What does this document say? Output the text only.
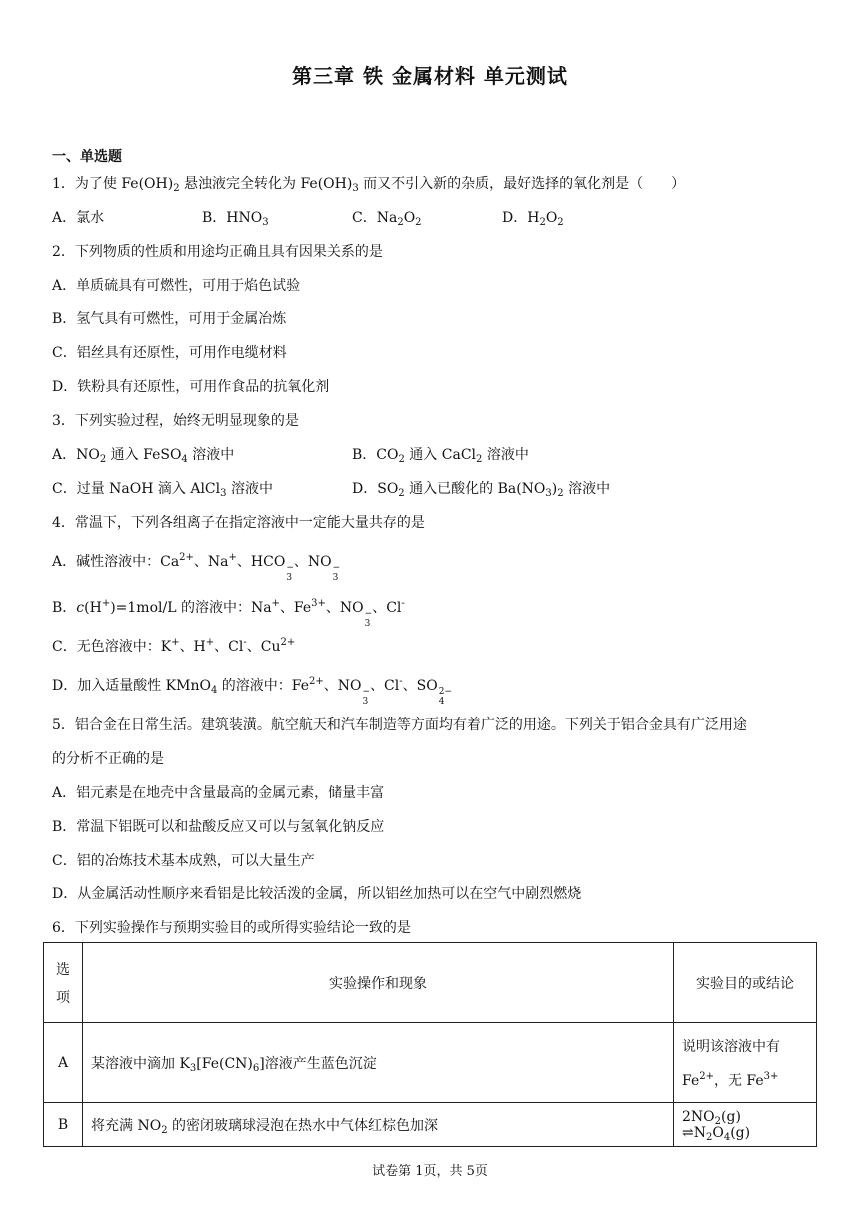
第三章 铁 金属材料 单元测试
一、单选题
1．为了使 $Fe(OH)_2$ 悬浊液完全转化为 $Fe(OH)_3$ 而又不引入新的杂质，最好选择的氧化剂是（　　）
A．氯水	B．$HNO_3$	C．$Na_2O_2$	D．$H_2O_2$
2．下列物质的性质和用途均正确且具有因果关系的是
A．单质硫具有可燃性，可用于焰色试验
B．氢气具有可燃性，可用于金属冶炼
C．铝丝具有还原性，可用作电缆材料
D．铁粉具有还原性，可用作食品的抗氧化剂
3．下列实验过程，始终无明显现象的是
A．$NO_2$ 通入 FeSO$_4$ 溶液中	B．$CO_2$ 通入 CaCl$_2$ 溶液中
C．过量 NaOH 滴入 AlCl$_3$ 溶液中	D．$SO_2$ 通入已酸化的 $Ba(NO_3)_2$ 溶液中
4．常温下，下列各组离子在指定溶液中一定能大量共存的是
A．碱性溶液中：$Ca^{2+}$、Na+、HCO −
3
、NO −
3
B．c(H+)=1mol/L 的溶液中：Na+、$Fe^{3+}$、NO −
3
、Cl-
C．无色溶液中：K+、H+、Cl-、$Cu^{2+}$
D．加入适量酸性 KMnO$_4$ 的溶液中：$Fe^{2+}$、NO −
3
、Cl-、SO 2−
4
5．铝合金在日常生活。建筑装潢。航空航天和汽车制造等方面均有着广泛的用途。下列关于铝合金具有广泛用途
的分析不正确的是
A．铝元素是在地壳中含量最高的金属元素，储量丰富
B．常温下铝既可以和盐酸反应又可以与氢氧化钠反应
C．铝的冶炼技术基本成熟，可以大量生产
D．从金属活动性顺序来看铝是比较活泼的金属，所以铝丝加热可以在空气中剧烈燃烧
6．下列实验操作与预期实验目的或所得实验结论一致的是
选
项	实验操作和现象	实验目的或结论
A	某溶液中滴加 $K_3[Fe(CN)_6]$溶液产生蓝色沉淀	说明该溶液中有
$Fe^{2+}$，无 $Fe^{3+}$

B	将充满 $NO_2$ 的密闭玻璃球浸泡在热水中气体红棕色加深	$2NO_2(g)$ $\rightleftharpoons N_2O_4(g)$
试卷第 1页，共 5页
